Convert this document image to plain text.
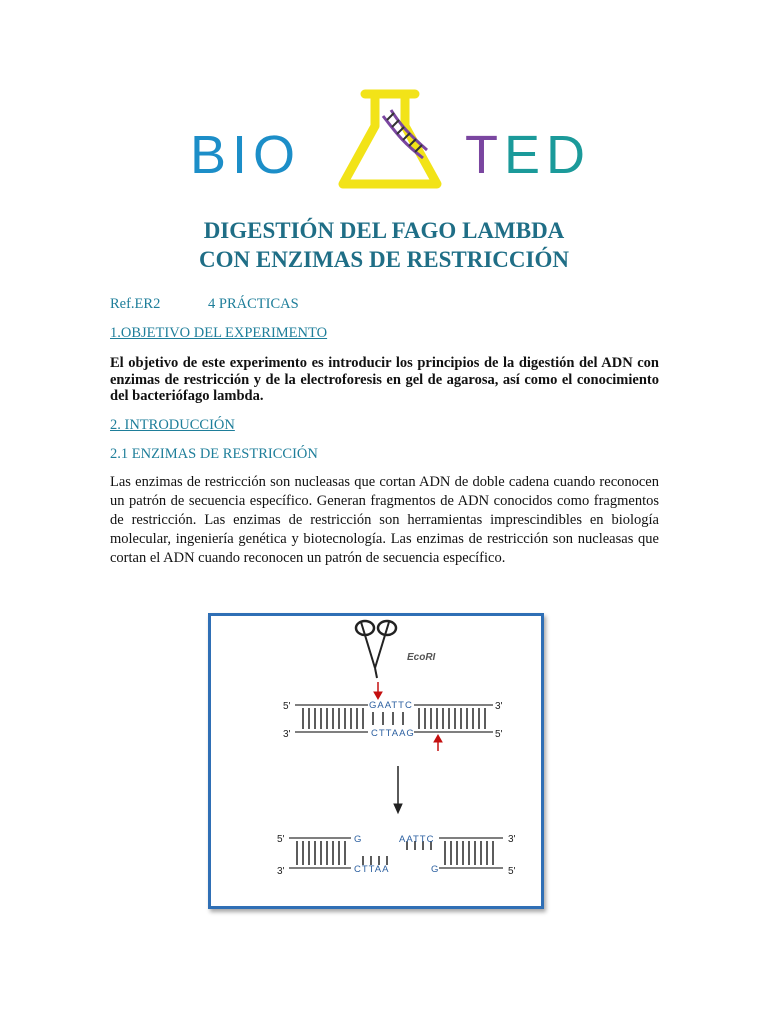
BIO	TED
DIGESTIÓN DEL FAGO LAMBDA
CON ENZIMAS DE RESTRICCIÓN
Ref.ER2	4 PRÁCTICAS
1.OBJETIVO DEL EXPERIMENTO
El objetivo de este experimento es introducir los principios de la digestión del ADN con enzimas de restricción y de la electroforesis en gel de agarosa, así como el conocimiento del bacteriófago lambda.
2. INTRODUCCIÓN
2.1 ENZIMAS DE RESTRICCIÓN
Las enzimas de restricción son nucleasas que cortan ADN de doble cadena cuando reconocen un patrón de secuencia específico. Generan fragmentos de ADN conocidos como fragmentos de restricción. Las enzimas de restricción son herramientas imprescindibles en biología molecular, ingeniería genética y biotecnología. Las enzimas de restricción son nucleasas que cortan el ADN cuando reconocen un patrón de secuencia específico.
EcoRI
5'
3'
3'
5'
GAATTC
CTTAAG
5'
3'
3'
5'
G
CTTAA
AATTC
G
